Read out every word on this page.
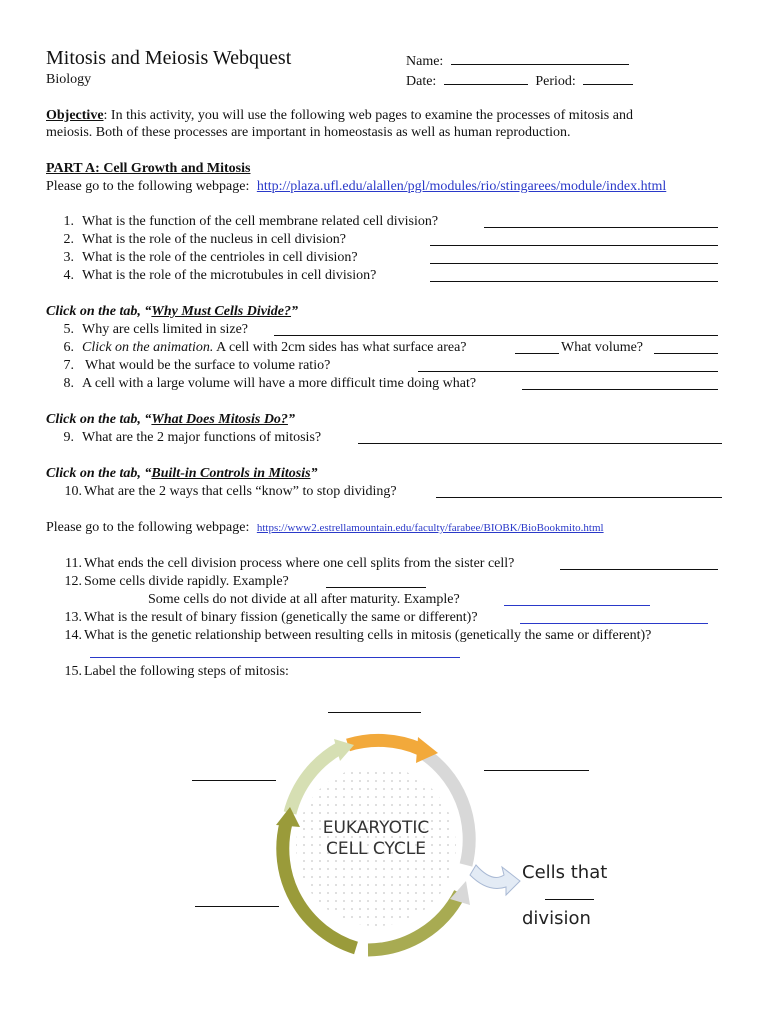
Mitosis and Meiosis Webquest
Biology
Name:
Date:	Period:
Objective: In this activity, you will use the following web pages to examine the processes of mitosis and
meiosis. Both of these processes are important in homeostasis as well as human reproduction.
PART A: Cell Growth and Mitosis
Please go to the following webpage: http://plaza.ufl.edu/alallen/pgl/modules/rio/stingarees/module/index.html
1. What is the function of the cell membrane related cell division?
2. What is the role of the nucleus in cell division?
3. What is the role of the centrioles in cell division?
4. What is the role of the microtubules in cell division?
Click on the tab, “Why Must Cells Divide?”
5. Why are cells limited in size?
6. Click on the animation. A cell with 2cm sides has what surface area?	What volume?
7. What would be the surface to volume ratio?
8. A cell with a large volume will have a more difficult time doing what?
Click on the tab, “What Does Mitosis Do?”
9. What are the 2 major functions of mitosis?
Click on the tab, “Built-in Controls in Mitosis”
10. What are the 2 ways that cells “know” to stop dividing?
Please go to the following webpage: https://www2.estrellamountain.edu/faculty/farabee/BIOBK/BioBookmito.html
11. What ends the cell division process where one cell splits from the sister cell?
12. Some cells divide rapidly. Example?
Some cells do not divide at all after maturity. Example?
13. What is the result of binary fission (genetically the same or different)?
14. What is the genetic relationship between resulting cells in mitosis (genetically the same or different)?
15. Label the following steps of mitosis:
EUKARYOTIC
CELL CYCLE
Cells that
division
